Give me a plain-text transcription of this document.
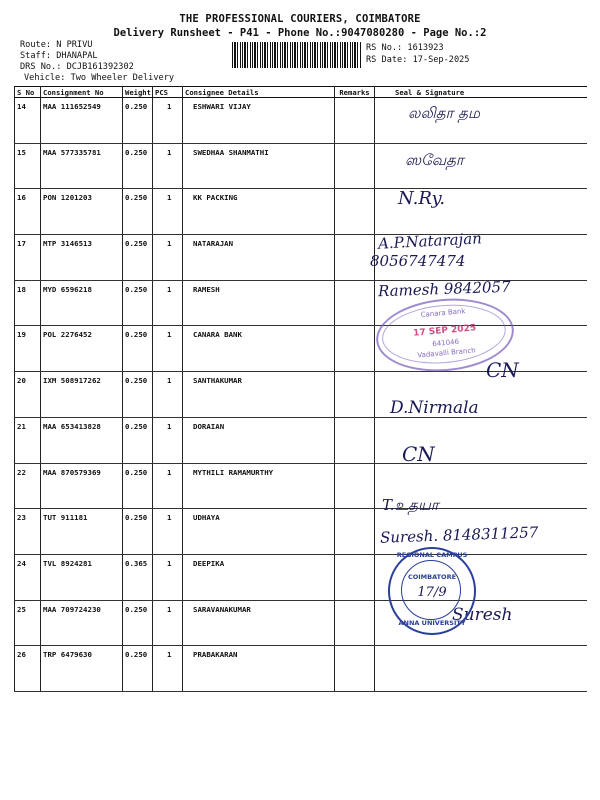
THE PROFESSIONAL COURIERS, COIMBATORE
Delivery Runsheet - P41 - Phone No.:9047080280 - Page No.:2
Route: N PRIVU
Staff: DHANAPAL
DRS No.: DCJB161392302
Vehicle: Two Wheeler Delivery
RS No.: 1613923
RS Date: 17-Sep-2025
S No	Consignment No	Weight	PCS	Consignee Details	Remarks	Seal & Signature
14	MAA 111652549	0.250	1	ESHWARI VIJAY		
15	MAA 577335781	0.250	1	SWEDHAA SHANMATHI		
16	PON 1201203	0.250	1	KK PACKING		
17	MTP 3146513	0.250	1	NATARAJAN		
18	MYD 6596218	0.250	1	RAMESH		
19	POL 2276452	0.250	1	CANARA BANK		
20	IXM 508917262	0.250	1	SANTHAKUMAR		
21	MAA 653413828	0.250	1	DORAIAN		
22	MAA 870579369	0.250	1	MYTHILI RAMAMURTHY		
23	TUT 911181	0.250	1	UDHAYA		
24	TVL 8924281	0.365	1	DEEPIKA		
25	MAA 709724230	0.250	1	SARAVANAKUMAR		
26	TRP 6479630	0.250	1	PRABAKARAN		
லலிதா தம
ஸவேதா
N.Ry.
A.P.Natarajan
8056747474
Ramesh 9842057
CN
D.Nirmala
CN
T.உதயா
Suresh. 8148311257
Suresh
Canara Bank
17 SEP 2025
641046
Vadavalli Branch
REGIONAL CAMPUS
ANNA UNIVERSITY
COIMBATORE
17/9
